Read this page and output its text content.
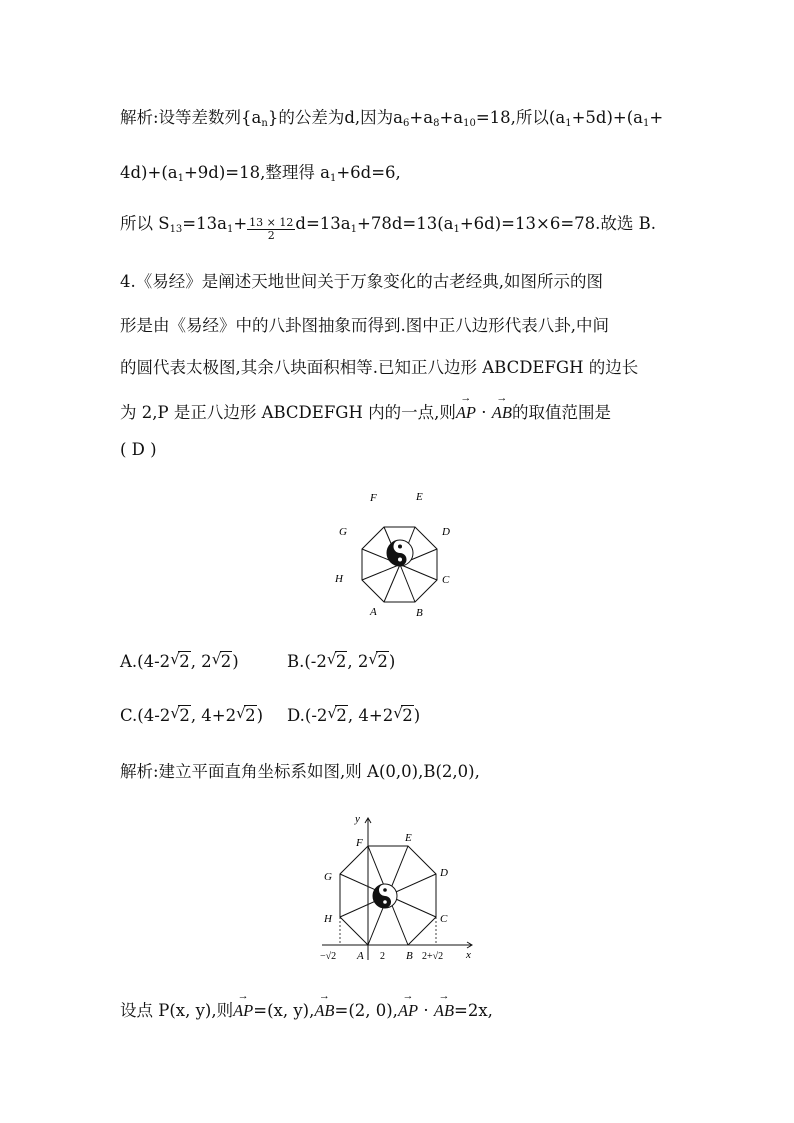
解析:设等差数列$\{a_n\}$的公差为d,因为$a_6+a_8+a_{10}=18$,所以$(a_1+5d)+(a_1+$
$4d)+(a_1+9d)=18$,整理得 $a_1+6d=6$,
所以 $S_{13}=13a_1+ \frac{13 \times 12}{2} d=13a_1+78d=13(a_1+6d)=13\times 6=78$.故选 B.
4.《易经》是阐述天地世间关于万象变化的古老经典,如图所示的图
形是由《易经》中的八卦图抽象而得到.图中正八边形代表八卦,中间
的圆代表太极图,其余八块面积相等.已知正八边形 ABCDEFGH 的边长
为 2,P 是正八边形 ABCDEFGH 内的一点,则→ AP · → AB的取值范围是
( D )
A	B
C
D
E
F
G
H
A.(4-2 √ 2, 2 √ 2)	B.(-2 √ 2, 2 √ 2)
C.(4-2 √ 2, 4+2 √ 2) D.(-2 √ 2, 4+2 √ 2)
解析:建立平面直角坐标系如图,则 A(0,0),B(2,0),
y
x
F	E
G	D
H	C
A	B
−√2	2	2+√2
设点 P(x, y),则→ AP=(x, y),→ AB=(2, 0),→ AP · → AB=2x,
